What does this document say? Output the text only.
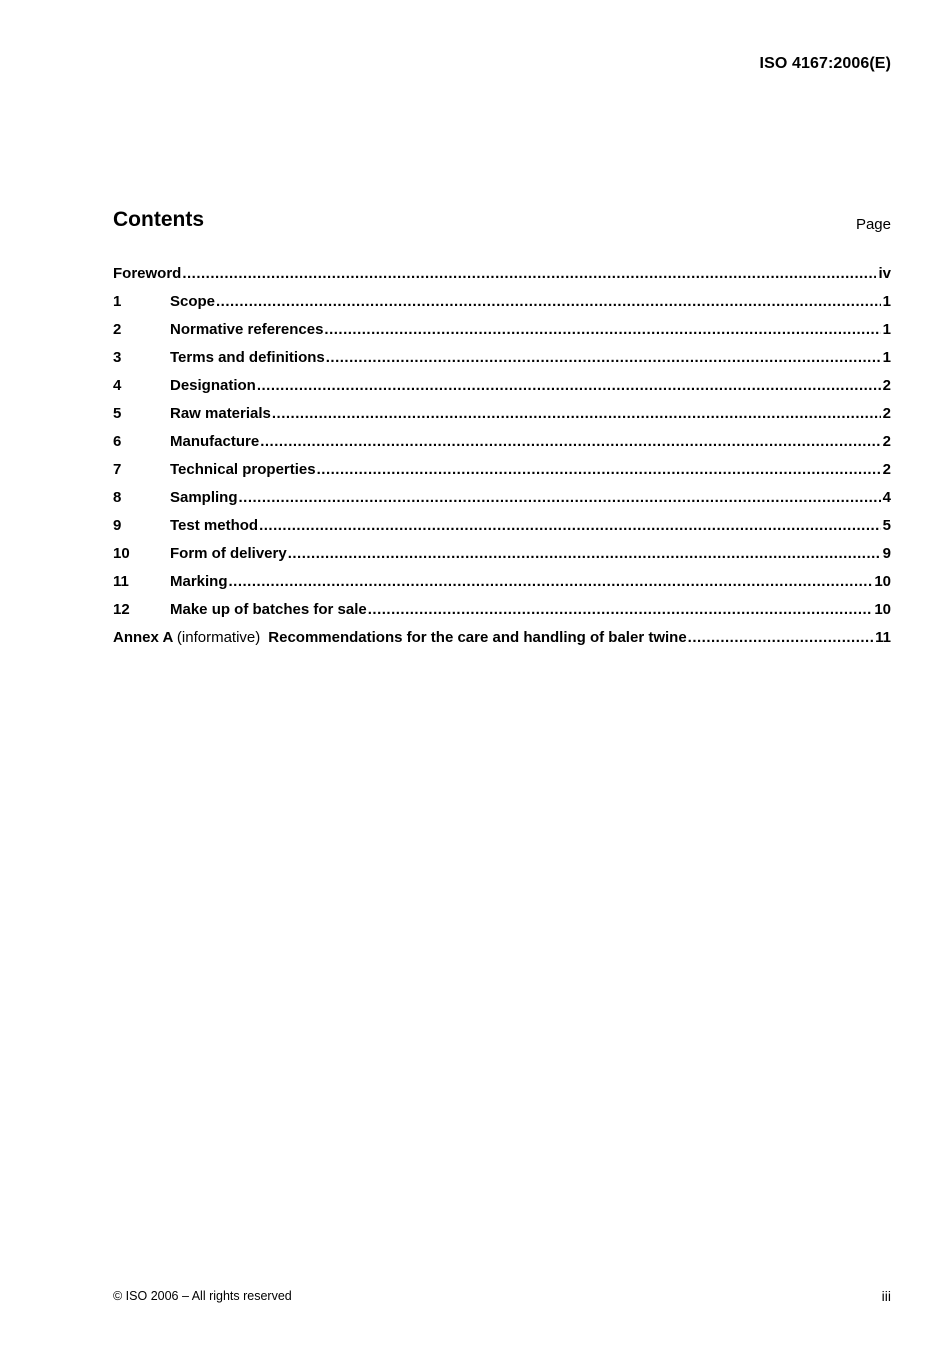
ISO 4167:2006(E)
Contents	Page
Foreword .....	iv
1	Scope .....	1
2	Normative references .....	1
3	Terms and definitions .....	1
4	Designation .....	2
5	Raw materials .....	2
6	Manufacture .....	2
7	Technical properties .....	2
8	Sampling .....	4
9	Test method .....	5
10	Form of delivery .....	9
11	Marking .....	10
12	Make up of batches for sale .....	10
Annex A (informative) Recommendations for the care and handling of baler twine .....	11
© ISO 2006 – All rights reserved	iii
